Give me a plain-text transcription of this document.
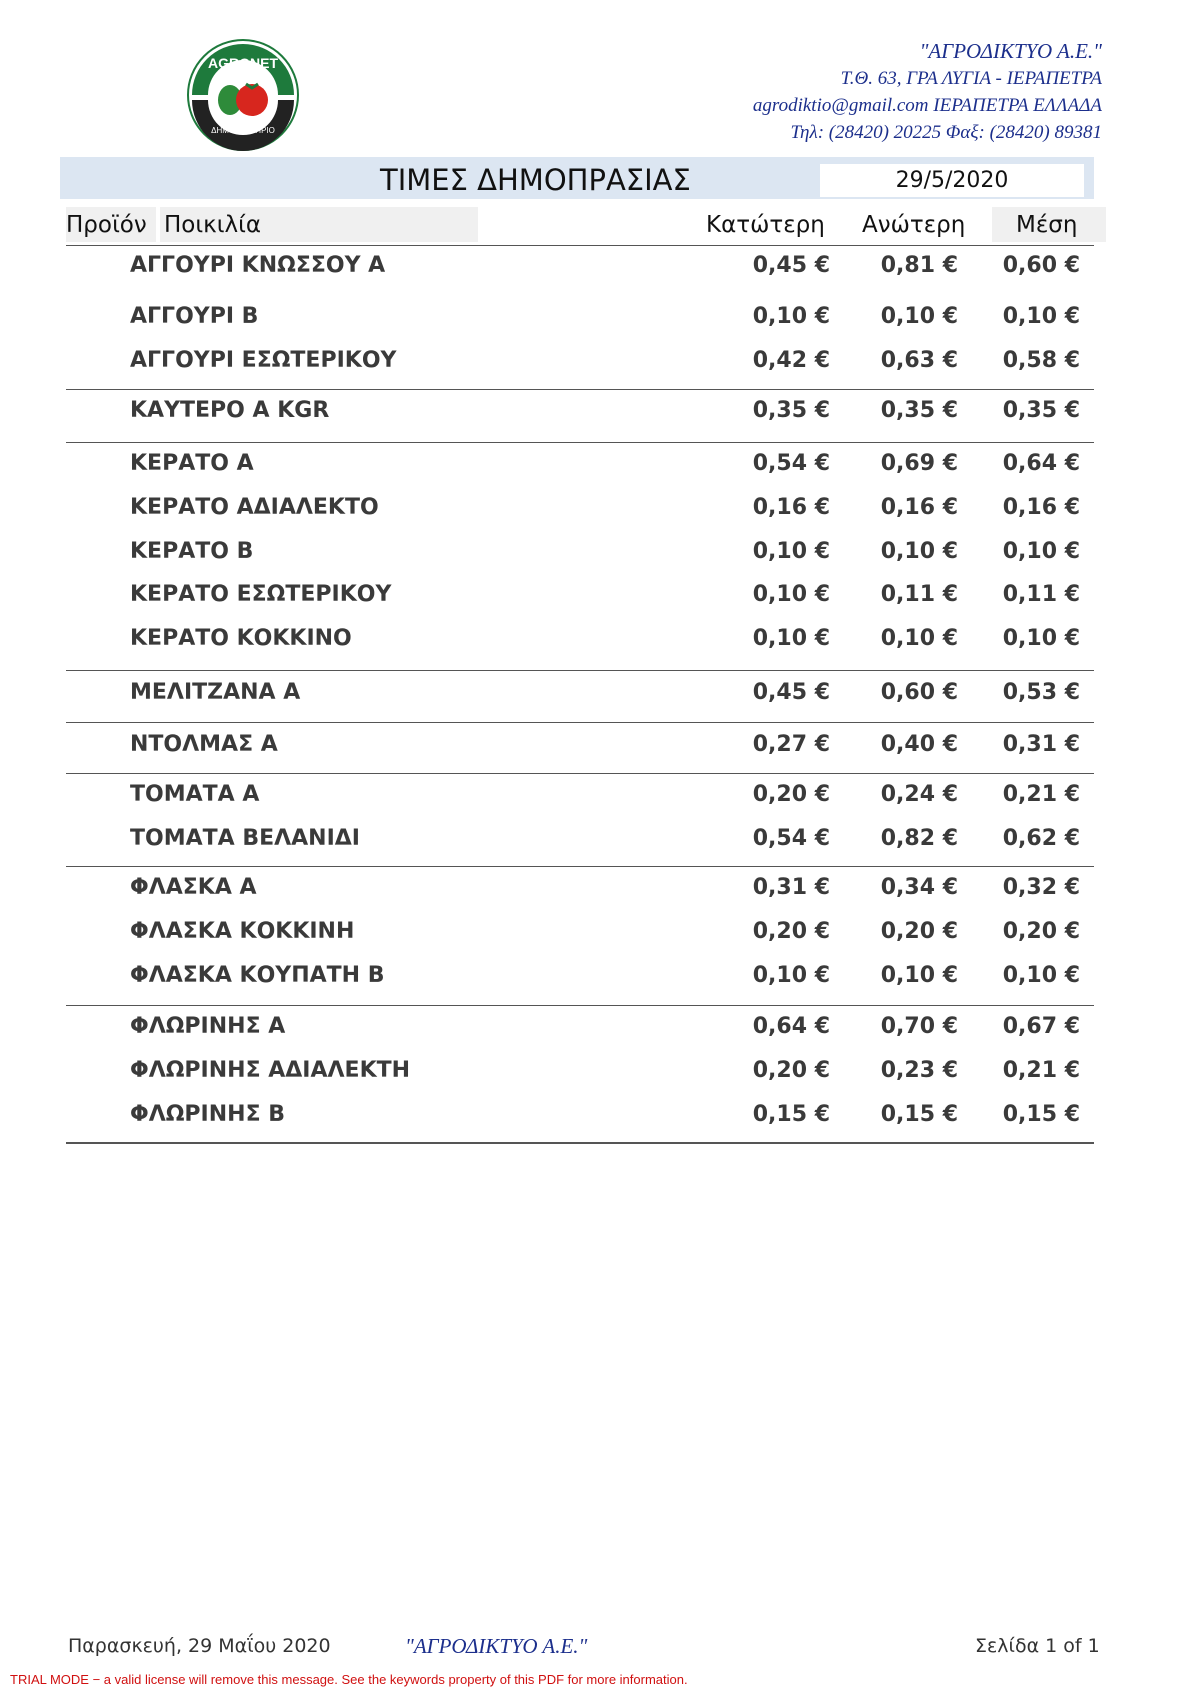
AGRONET
ΔΗΜΟΠΡΑΤΗΡΙΟ
"ΑΓΡΟΔΙΚΤΥΟ Α.Ε."
Τ.Θ. 63, ΓΡΑ ΛΥΓΙΑ - ΙΕΡΑΠΕΤΡΑ
agrodiktio@gmail.com ΙΕΡΑΠΕΤΡΑ ΕΛΛΑΔΑ
Τηλ: (28420) 20225 Φαξ: (28420) 89381
ΤΙΜΕΣ ΔΗΜΟΠΡΑΣΙΑΣ	29/5/2020
Προϊόν Ποικιλία	Κατώτερη Ανώτερη Μέση
ΑΓΓΟΥΡΙ ΚΝΩΣΣΟΥ Α	0,45 €	0,81 €	0,60 €
ΑΓΓΟΥΡΙ Β	0,10 €	0,10 €	0,10 €
ΑΓΓΟΥΡΙ ΕΣΩΤΕΡΙΚΟΥ	0,42 €	0,63 €	0,58 €
ΚΑΥΤΕΡΟ Α KGR	0,35 €	0,35 €	0,35 €
ΚΕΡΑΤΟ Α	0,54 €	0,69 €	0,64 €
ΚΕΡΑΤΟ ΑΔΙΑΛΕΚΤΟ	0,16 €	0,16 €	0,16 €
ΚΕΡΑΤΟ Β	0,10 €	0,10 €	0,10 €
ΚΕΡΑΤΟ ΕΣΩΤΕΡΙΚΟΥ	0,10 €	0,11 €	0,11 €
ΚΕΡΑΤΟ ΚΟΚΚΙΝΟ	0,10 €	0,10 €	0,10 €
ΜΕΛΙΤΖΑΝΑ Α	0,45 €	0,60 €	0,53 €
ΝΤΟΛΜΑΣ Α	0,27 €	0,40 €	0,31 €
ΤΟΜΑΤΑ Α	0,20 €	0,24 €	0,21 €
ΤΟΜΑΤΑ ΒΕΛΑΝΙΔΙ	0,54 €	0,82 €	0,62 €
ΦΛΑΣΚΑ Α	0,31 €	0,34 €	0,32 €
ΦΛΑΣΚΑ ΚΟΚΚΙΝΗ	0,20 €	0,20 €	0,20 €
ΦΛΑΣΚΑ ΚΟΥΠΑΤΗ Β	0,10 €	0,10 €	0,10 €
ΦΛΩΡΙΝΗΣ Α	0,64 €	0,70 €	0,67 €
ΦΛΩΡΙΝΗΣ ΑΔΙΑΛΕΚΤΗ	0,20 €	0,23 €	0,21 €
ΦΛΩΡΙΝΗΣ Β	0,15 €	0,15 €	0,15 €
Παρασκευή, 29 Μαΐου 2020	"ΑΓΡΟΔΙΚΤΥΟ Α.Ε."	Σελίδα 1 of 1
TRIAL MODE − a valid license will remove this message. See the keywords property of this PDF for more information.
